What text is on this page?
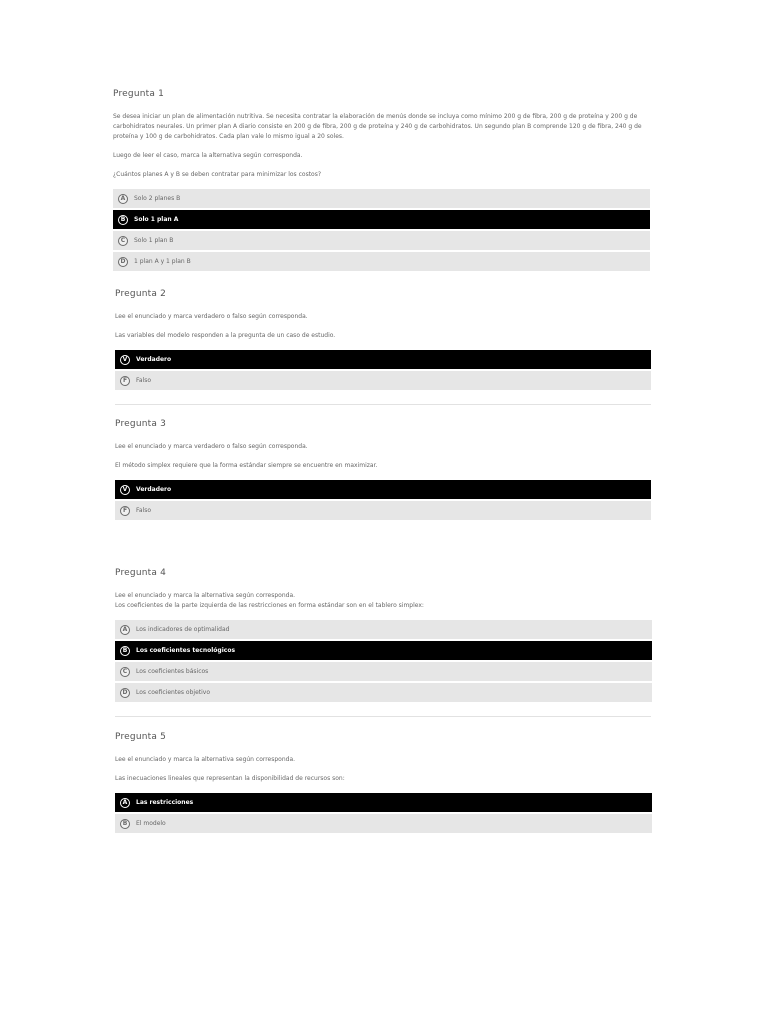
Pregunta 1

Se desea iniciar un plan de alimentación nutritiva. Se necesita contratar la elaboración de menús donde se incluya como mínimo 200 g de fibra, 200 g de proteína y 200 g de carbohidratos neurales. Un primer plan A diario consiste en 200 g de fibra, 200 g de proteína y 240 g de carbohidratos. Un segundo plan B comprende 120 g de fibra, 240 g de proteína y 100 g de carbohidratos. Cada plan vale lo mismo igual a 20 soles.

Luego de leer el caso, marca la alternativa según corresponda.

¿Cuántos planes A y B se deben contratar para minimizar los costos?

A	Solo 2 planes B
B	Solo 1 plan A
C	Solo 1 plan B
D	1 plan A y 1 plan B
Pregunta 2

Lee el enunciado y marca verdadero o falso según corresponda.

Las variables del modelo responden a la pregunta de un caso de estudio.

V	Verdadero
F	Falso
Pregunta 3

Lee el enunciado y marca verdadero o falso según corresponda.

El método simplex requiere que la forma estándar siempre se encuentre en maximizar.

V	Verdadero
F	Falso
Pregunta 4

Lee el enunciado y marca la alternativa según corresponda.

Los coeficientes de la parte izquierda de las restricciones en forma estándar son en el tablero simplex:

A	Los indicadores de optimalidad
B	Los coeficientes tecnológicos
C	Los coeficientes básicos
D	Los coeficientes objetivo
Pregunta 5

Lee el enunciado y marca la alternativa según corresponda.

Las inecuaciones lineales que representan la disponibilidad de recursos son:

A	Las restricciones
B	El modelo
